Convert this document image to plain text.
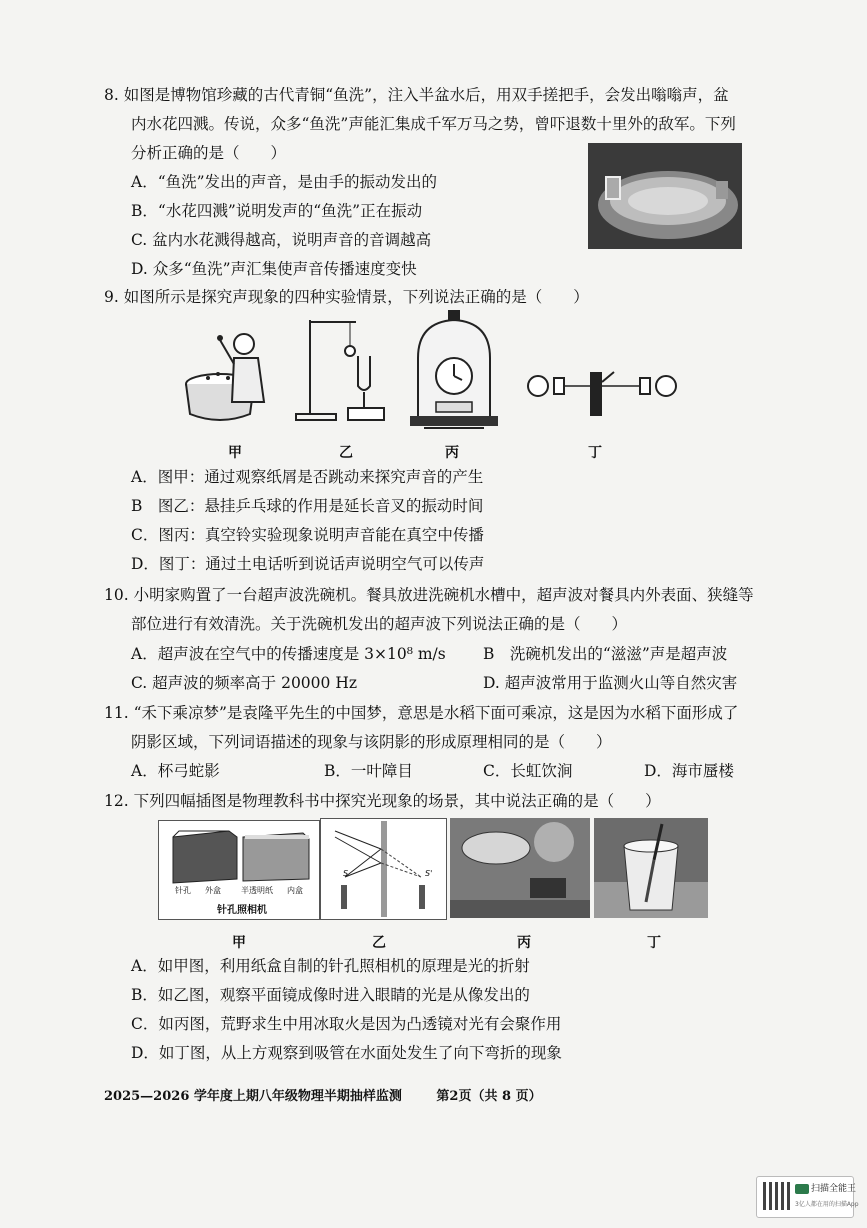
8. 如图是博物馆珍藏的古代青铜“鱼洗”，注入半盆水后，用双手搓把手，会发出嗡嗡声，盆
内水花四溅。传说，众多“鱼洗”声能汇集成千军万马之势，曾吓退数十里外的敌军。下列
分析正确的是（　　）
A．“鱼洗”发出的声音，是由手的振动发出的
B．“水花四溅”说明发声的“鱼洗”正在振动
C. 盆内水花溅得越高，说明声音的音调越高
D. 众多“鱼洗”声汇集使声音传播速度变快
9. 如图所示是探究声现象的四种实验情景，下列说法正确的是（　　）
甲	乙	丙	丁
A．图甲：通过观察纸屑是否跳动来探究声音的产生
B　图乙：悬挂乒乓球的作用是延长音叉的振动时间
C．图丙：真空铃实验现象说明声音能在真空中传播
D．图丁：通过土电话听到说话声说明空气可以传声
10. 小明家购置了一台超声波洗碗机。餐具放进洗碗机水槽中，超声波对餐具内外表面、狭缝等
部位进行有效清洗。关于洗碗机发出的超声波下列说法正确的是（　　）
A．超声波在空气中的传播速度是 3×10⁸ m/s B　洗碗机发出的“滋滋”声是超声波
C. 超声波的频率高于 20000 Hz	D. 超声波常用于监测火山等自然灾害
11. “禾下乘凉梦”是袁隆平先生的中国梦，意思是水稻下面可乘凉，这是因为水稻下面形成了
阴影区域，下列词语描述的现象与该阴影的形成原理相同的是（　　）
A．杯弓蛇影	B．一叶障目	C．长虹饮涧	D．海市蜃楼
12. 下列四幅插图是物理教科书中探究光现象的场景，其中说法正确的是（　　）
针孔 外盒	半透明纸 内盒
针孔照相机
甲
S	S'
乙	丙	丁
A．如甲图，利用纸盒自制的针孔照相机的原理是光的折射
B．如乙图，观察平面镜成像时进入眼睛的光是从像发出的
C．如丙图，荒野求生中用冰取火是因为凸透镜对光有会聚作用
D．如丁图，从上方观察到吸管在水面处发生了向下弯折的现象
2025—2026 学年度上期八年级物理半期抽样监测	第2页（共 8 页）
扫描全能王
3亿人都在用的扫描App
